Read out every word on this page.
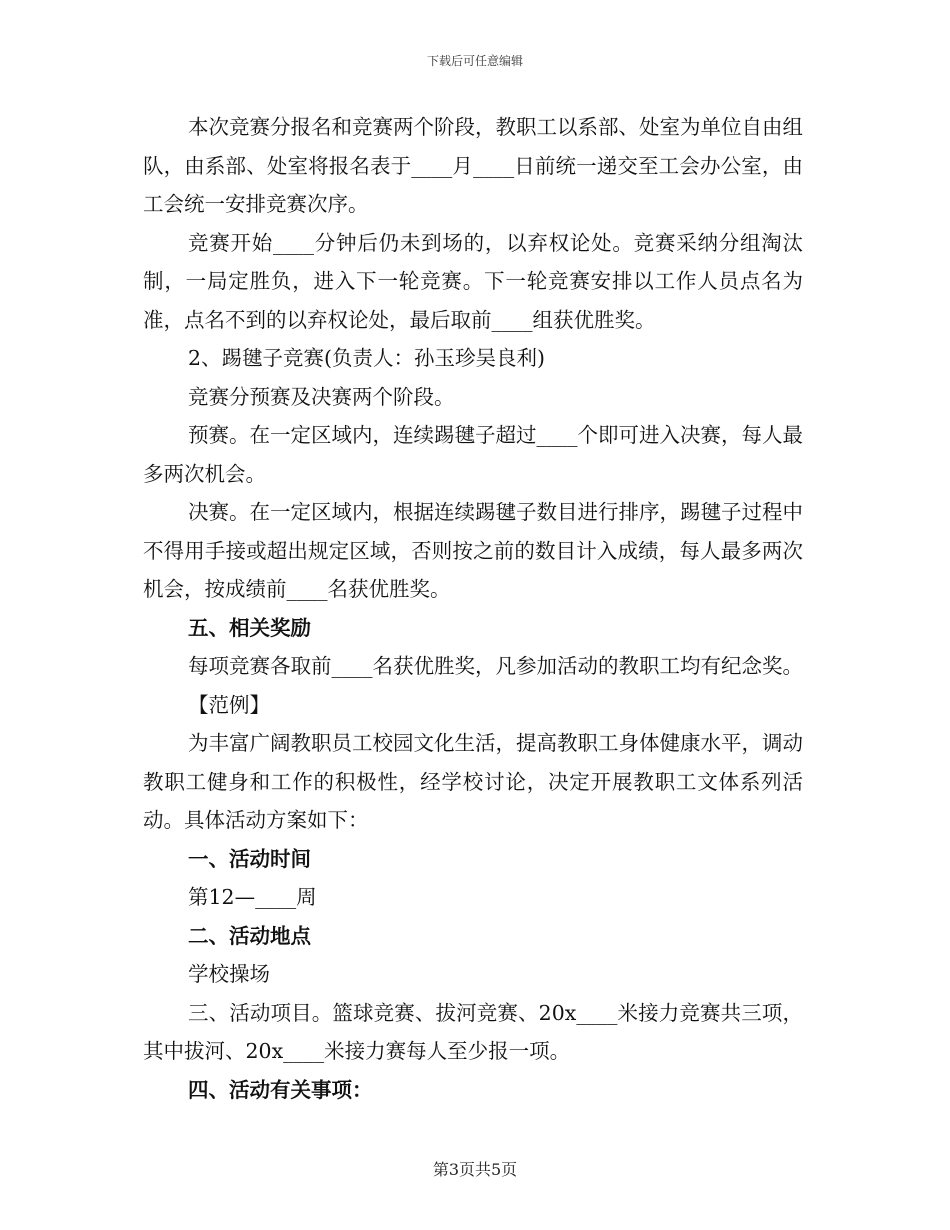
下载后可任意编辑

本次竞赛分报名和竞赛两个阶段，教职工以系部、处室为单位自由组队，由系部、处室将报名表于____月____日前统一递交至工会办公室，由工会统一安排竞赛次序。

竞赛开始____分钟后仍未到场的，以弃权论处。竞赛采纳分组淘汰制，一局定胜负，进入下一轮竞赛。下一轮竞赛安排以工作人员点名为准，点名不到的以弃权论处，最后取前____组获优胜奖。

2、踢毽子竞赛(负责人：孙玉珍吴良利)

竞赛分预赛及决赛两个阶段。

预赛。在一定区域内，连续踢毽子超过____个即可进入决赛，每人最多两次机会。

决赛。在一定区域内，根据连续踢毽子数目进行排序，踢毽子过程中不得用手接或超出规定区域，否则按之前的数目计入成绩，每人最多两次机会，按成绩前____名获优胜奖。

五、相关奖励

每项竞赛各取前____名获优胜奖，凡参加活动的教职工均有纪念奖。

【范例】

为丰富广阔教职员工校园文化生活，提高教职工身体健康水平，调动教职工健身和工作的积极性，经学校讨论，决定开展教职工文体系列活动。具体活动方案如下：

一、活动时间

第12—____周

二、活动地点

学校操场

三、活动项目。篮球竞赛、拔河竞赛、20x____米接力竞赛共三项，其中拔河、20x____米接力赛每人至少报一项。

四、活动有关事项：

第3页共5页
